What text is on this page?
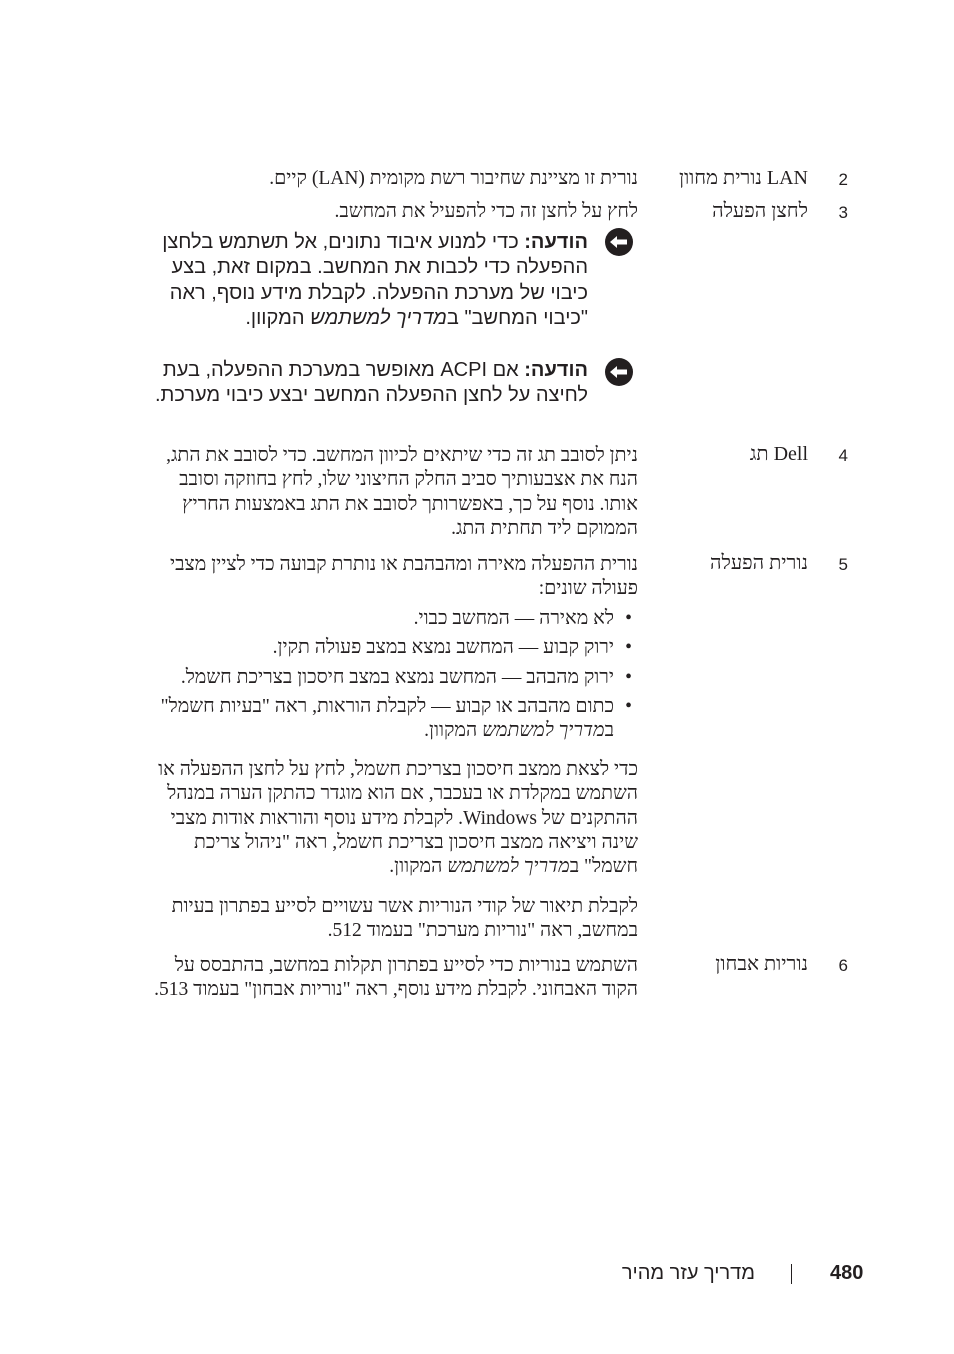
2
נורית מחוון LAN
נורית זו מציינת שחיבור רשת מקומית (LAN) קיים.
3
לחצן הפעלה
לחץ על לחצן זה כדי להפעיל את המחשב.
הודעה: כדי למנוע איבוד נתונים, אל תשתמש בלחצן ההפעלה כדי לכבות את המחשב. במקום זאת, בצע כיבוי של מערכת ההפעלה. לקבלת מידע נוסף, ראה "כיבוי המחשב" במדריך למשתמש המקוון.
הודעה: אם ACPI מאופשר במערכת ההפעלה, בעת לחיצה על לחצן ההפעלה המחשב יבצע כיבוי מערכת.
4
תג Dell
ניתן לסובב תג זה כדי שיתאים לכיוון המחשב. כדי לסובב את התג, הנח את אצבעותיך סביב החלק החיצוני שלו, לחץ בחוזקה וסובב אותו. נוסף על כך, באפשרותך לסובב את התג באמצעות החריץ הממוקם ליד תחתית התג.
5
נורית הפעלה
נורית ההפעלה מאירה ומהבהבת או נותרת קבועה כדי לציין מצבי פעולה שונים:
• לא מאירה — המחשב כבוי.
• ירוק קבוע — המחשב נמצא במצב פעולה תקין.
• ירוק מהבהב — המחשב נמצא במצב חיסכון בצריכת חשמל.
• כתום מהבהב או קבוע — לקבלת הוראות, ראה "בעיות חשמל" במדריך למשתמש המקוון.
כדי לצאת ממצב חיסכון בצריכת חשמל, לחץ על לחצן ההפעלה או השתמש במקלדת או בעכבר, אם הוא מוגדר כהתקן הערה במנהל ההתקנים של Windows. לקבלת מידע נוסף והוראות אודות מצבי שינה ויציאה ממצב חיסכון בצריכת חשמל, ראה "ניהול צריכת חשמל" במדריך למשתמש המקוון.
לקבלת תיאור של קודי הנוריות אשר עשויים לסייע בפתרון בעיות במחשב, ראה "נוריות מערכת" בעמוד 512.
6
נוריות אבחון
השתמש בנוריות כדי לסייע בפתרון תקלות במחשב, בהתבסס על הקוד האבחוני. לקבלת מידע נוסף, ראה "נוריות אבחון" בעמוד 513.
480
מדריך עזר מהיר
